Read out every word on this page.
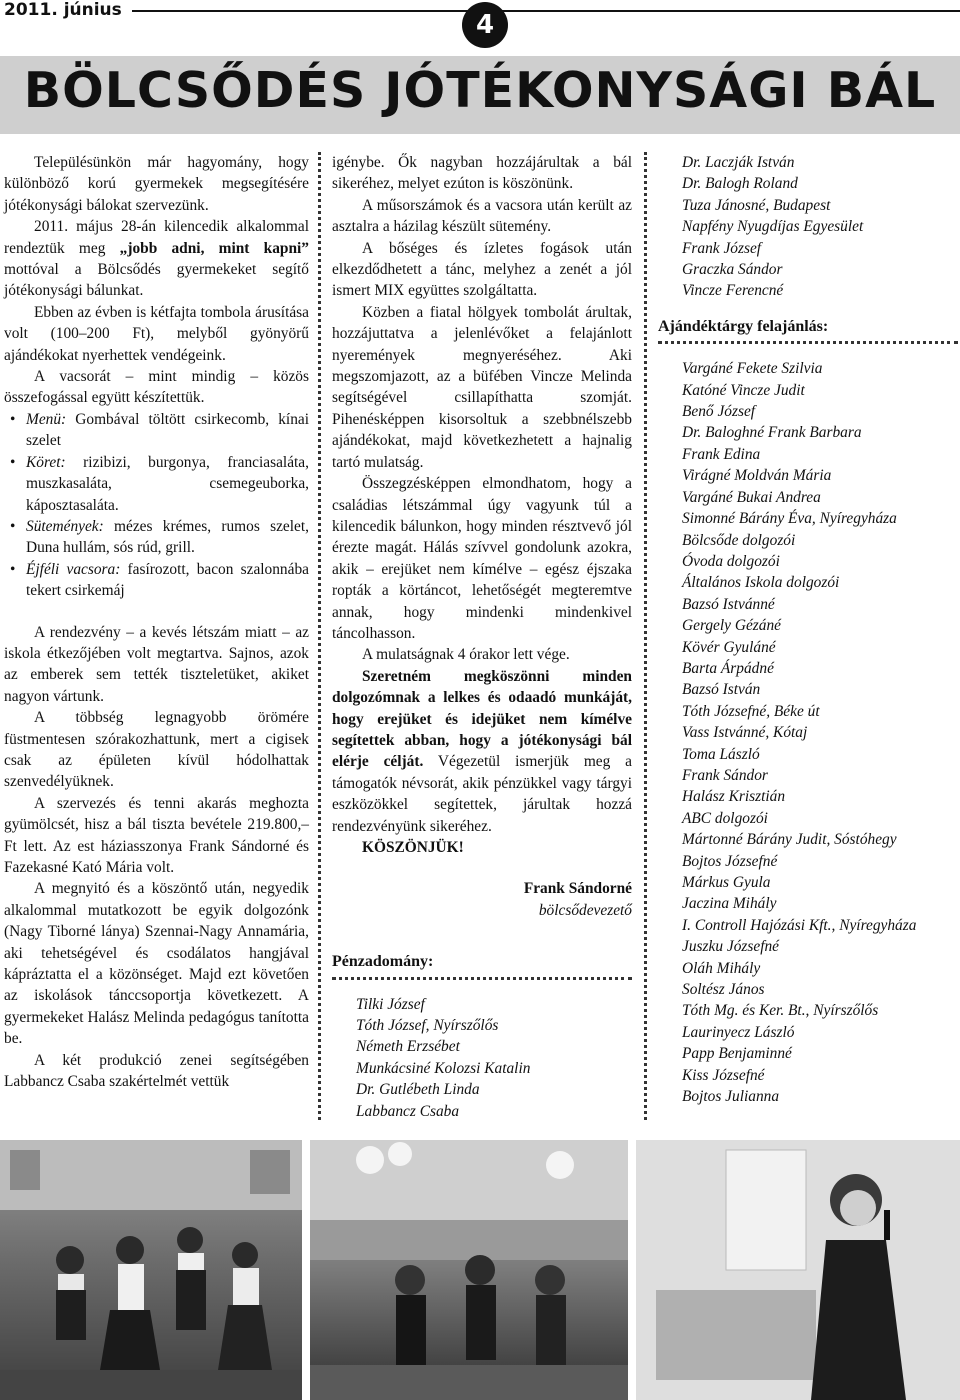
2011. június	4
BÖLCSŐDÉS JÓTÉKONYSÁGI BÁL

Településünkön már hagyomány, hogy különböző korú gyermekek megsegítésére jótékonysági bálokat szervezünk.

2011. május 28-án kilencedik alkalommal rendeztük meg „jobb adni, mint kapni” mottóval a Bölcsődés gyermekeket segítő jótékonysági bálunkat.

Ebben az évben is kétfajta tombola árusítása volt (100–200 Ft), melyből gyönyörű ajándékokat nyerhettek vendégeink.

A vacsorát – mint mindig – közös összefogással együtt készítettük.

• Menü: Gombával töltött csirkecomb, kínai szelet
• Köret: rizibizi, burgonya, franciasaláta, muszkasaláta, csemegeuborka, káposztasaláta.
• Sütemények: mézes krémes, rumos szelet, Duna hullám, sós rúd, grill.
• Éjféli vacsora: fasírozott, bacon szalonnába tekert csirkemáj

A rendezvény – a kevés létszám miatt – az iskola étkezőjében volt megtartva. Sajnos, azok az emberek sem tették tiszteletüket, akiket nagyon vártunk.

A többség legnagyobb örömére füstmentesen szórakozhattunk, mert a cigisek csak az épületen kívül hódolhattak szenvedélyüknek.

A szervezés és tenni akarás meghozta gyümölcsét, hisz a bál tiszta bevétele 219.800,– Ft lett. Az est háziasszonya Frank Sándorné és Fazekasné Kató Mária volt.

A megnyitó és a köszöntő után, negyedik alkalommal mutatkozott be egyik dolgozónk (Nagy Tiborné lánya) Szennai-Nagy Annamária, aki tehetségével és csodálatos hangjával kápráztatta el a közönséget. Majd ezt követően az iskolások tánccsoportja következett. A gyermekeket Halász Melinda pedagógus tanította be.

A két produkció zenei segítségében Labbancz Csaba szakértelmét vettük

igénybe. Ők nagyban hozzájárultak a bál sikeréhez, melyet ezúton is köszönünk.

A műsorszámok és a vacsora után került az asztalra a házilag készült sütemény.

A bőséges és ízletes fogások után elkezdődhetett a tánc, melyhez a zenét a jól ismert MIX együttes szolgáltatta.

Közben a fiatal hölgyek tombolát árultak, hozzájuttatva a jelenlévőket a felajánlott nyeremények megnyeréséhez. Aki megszomjazott, az a büfében Vincze Melinda segítségével csillapíthatta szomját. Pihenésképpen kisorsoltuk a szebbnélszebb ajándékokat, majd következhetett a hajnalig tartó mulatság.

Összegzésképpen elmondhatom, hogy a családias létszámmal úgy vagyunk túl a kilencedik bálunkon, hogy minden résztvevő jól érezte magát. Hálás szívvel gondolunk azokra, akik – erejüket nem kímélve – egész éjszaka ropták a körtáncot, lehetőségét megteremtve annak, hogy mindenki mindenkivel táncolhasson.

A mulatságnak 4 órakor lett vége.

Szeretném megköszönni minden dolgozómnak a lelkes és odaadó munkáját, hogy erejüket és idejüket nem kímélve segítettek abban, hogy a jótékonysági bál elérje célját. Végezetül ismerjük meg a támogatók névsorát, akik pénzükkel vagy tárgyi eszközökkel segítettek, járultak hozzá rendezvényünk sikeréhez.

KÖSZÖNJÜK!

Frank Sándorné
bölcsődevezető
Pénzadomány:
Tilki József
Tóth József, Nyírszőlős
Németh Erzsébet
Munkácsiné Kolozsi Katalin
Dr. Gutlébeth Linda
Labbancz Csaba
Dr. Laczják István
Dr. Balogh Roland
Tuza Jánosné, Budapest
Napfény Nyugdíjas Egyesület
Frank József
Graczka Sándor
Vincze Ferencné
Ajándéktárgy felajánlás:
Vargáné Fekete Szilvia
Katóné Vincze Judit
Benő József
Dr. Baloghné Frank Barbara
Frank Edina
Virágné Moldván Mária
Vargáné Bukai Andrea
Simonné Bárány Éva, Nyíregyháza
Bölcsőde dolgozói
Óvoda dolgozói
Általános Iskola dolgozói
Bazsó Istvánné
Gergely Gézáné
Kövér Gyuláné
Barta Árpádné
Bazsó István
Tóth Józsefné, Béke út
Vass Istvánné, Kótaj
Toma László
Frank Sándor
Halász Krisztián
ABC dolgozói
Mártonné Bárány Judit, Sóstóhegy
Bojtos Józsefné
Márkus Gyula
Jaczina Mihály
I. Controll Hajózási Kft., Nyíregyháza
Juszku Józsefné
Oláh Mihály
Soltész János
Tóth Mg. és Ker. Bt., Nyírszőlős
Laurinyecz László
Papp Benjaminné
Kiss Józsefné
Bojtos Julianna
